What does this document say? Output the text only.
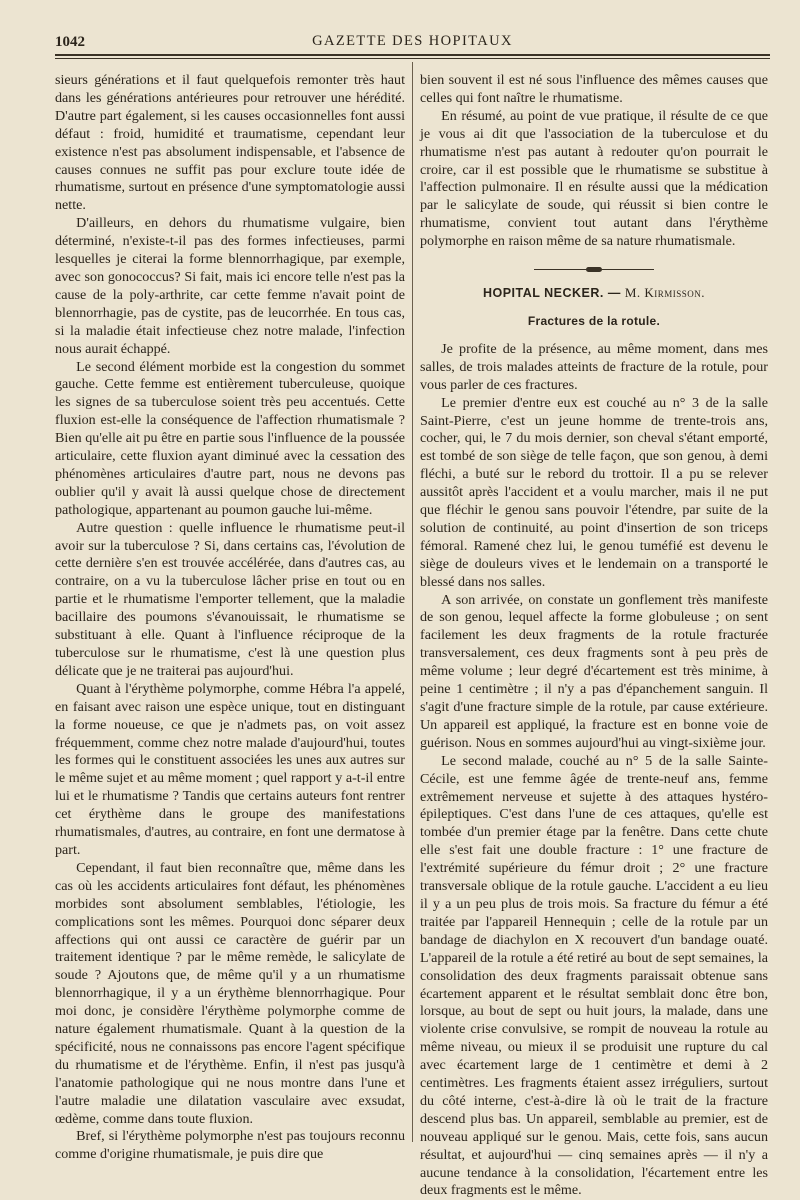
1042	GAZETTE DES HOPITAUX

sieurs générations et il faut quelquefois remonter très haut dans les générations antérieures pour retrouver une hérédité. D'autre part également, si les causes occasionnelles font aussi défaut : froid, humidité et traumatisme, cependant leur existence n'est pas absolument indispensable, et l'absence de causes connues ne suffit pas pour exclure toute idée de rhumatisme, surtout en présence d'une symptomatologie aussi nette.

D'ailleurs, en dehors du rhumatisme vulgaire, bien déterminé, n'existe-t-il pas des formes infectieuses, parmi lesquelles je citerai la forme blennorrhagique, par exemple, avec son gonococcus? Si fait, mais ici encore telle n'est pas la cause de la poly-arthrite, car cette femme n'avait point de blennorrhagie, pas de cystite, pas de leucorrhée. En tous cas, si la maladie était infectieuse chez notre malade, l'infection nous aurait échappé.

Le second élément morbide est la congestion du sommet gauche. Cette femme est entièrement tuberculeuse, quoique les signes de sa tuberculose soient très peu accentués. Cette fluxion est-elle la conséquence de l'affection rhumatismale ? Bien qu'elle ait pu être en partie sous l'influence de la poussée articulaire, cette fluxion ayant diminué avec la cessation des phénomènes articulaires d'autre part, nous ne devons pas oublier qu'il y avait là aussi quelque chose de directement pathologique, appartenant au poumon gauche lui-même.

Autre question : quelle influence le rhumatisme peut-il avoir sur la tuberculose ? Si, dans certains cas, l'évolution de cette dernière s'en est trouvée accélérée, dans d'autres cas, au contraire, on a vu la tuberculose lâcher prise en tout ou en partie et le rhumatisme l'emporter tellement, que la maladie bacillaire des poumons s'évanouissait, le rhumatisme se substituant à elle. Quant à l'influence réciproque de la tuberculose sur le rhumatisme, c'est là une question plus délicate que je ne traiterai pas aujourd'hui.

Quant à l'érythème polymorphe, comme Hébra l'a appelé, en faisant avec raison une espèce unique, tout en distinguant la forme noueuse, ce que je n'admets pas, on voit assez fréquemment, comme chez notre malade d'aujourd'hui, toutes les formes qui le constituent associées les unes aux autres sur le même sujet et au même moment ; quel rapport y a-t-il entre lui et le rhumatisme ? Tandis que certains auteurs font rentrer cet érythème dans le groupe des manifestations rhumatismales, d'autres, au contraire, en font une dermatose à part.

Cependant, il faut bien reconnaître que, même dans les cas où les accidents articulaires font défaut, les phénomènes morbides sont absolument semblables, l'étiologie, les complications sont les mêmes. Pourquoi donc séparer deux affections qui ont aussi ce caractère de guérir par un traitement identique ? par le même remède, le salicylate de soude ? Ajoutons que, de même qu'il y a un rhumatisme blennorrhagique, il y a un érythème blennorrhagique. Pour moi donc, je considère l'érythème polymorphe comme de nature également rhumatismale. Quant à la question de la spécificité, nous ne connaissons pas encore l'agent spécifique du rhumatisme et de l'érythème. Enfin, il n'est pas jusqu'à l'anatomie pathologique qui ne nous montre dans l'une et l'autre maladie une dilatation vasculaire avec exsudat, œdème, comme dans toute fluxion.

Bref, si l'érythème polymorphe n'est pas toujours reconnu comme d'origine rhumatismale, je puis dire que

bien souvent il est né sous l'influence des mêmes causes que celles qui font naître le rhumatisme.

En résumé, au point de vue pratique, il résulte de ce que je vous ai dit que l'association de la tuberculose et du rhumatisme n'est pas autant à redouter qu'on pourrait le croire, car il est possible que le rhumatisme se substitue à l'affection pulmonaire. Il en résulte aussi que la médication par le salicylate de soude, qui réussit si bien contre le rhumatisme, convient tout autant dans l'érythème polymorphe en raison même de sa nature rhumatismale.

HOPITAL NECKER. — M. Kirmisson.
Fractures de la rotule.

Je profite de la présence, au même moment, dans mes salles, de trois malades atteints de fracture de la rotule, pour vous parler de ces fractures.

Le premier d'entre eux est couché au n° 3 de la salle Saint-Pierre, c'est un jeune homme de trente-trois ans, cocher, qui, le 7 du mois dernier, son cheval s'étant emporté, est tombé de son siège de telle façon, que son genou, à demi fléchi, a buté sur le rebord du trottoir. Il a pu se relever aussitôt après l'accident et a voulu marcher, mais il ne put que fléchir le genou sans pouvoir l'étendre, par suite de la solution de continuité, au point d'insertion de son triceps fémoral. Ramené chez lui, le genou tuméfié est devenu le siège de douleurs vives et le lendemain on a transporté le blessé dans nos salles.

A son arrivée, on constate un gonflement très manifeste de son genou, lequel affecte la forme globuleuse ; on sent facilement les deux fragments de la rotule fracturée transversalement, ces deux fragments sont à peu près de même volume ; leur degré d'écartement est très minime, à peine 1 centimètre ; il n'y a pas d'épanchement sanguin. Il s'agit d'une fracture simple de la rotule, par cause extérieure. Un appareil est appliqué, la fracture est en bonne voie de guérison. Nous en sommes aujourd'hui au vingt-sixième jour.

Le second malade, couché au n° 5 de la salle Sainte-Cécile, est une femme âgée de trente-neuf ans, femme extrêmement nerveuse et sujette à des attaques hystéro-épileptiques. C'est dans l'une de ces attaques, qu'elle est tombée d'un premier étage par la fenêtre. Dans cette chute elle s'est fait une double fracture : 1° une fracture de l'extrémité supérieure du fémur droit ; 2° une fracture transversale oblique de la rotule gauche. L'accident a eu lieu il y a un peu plus de trois mois. Sa fracture du fémur a été traitée par l'appareil Hennequin ; celle de la rotule par un bandage de diachylon en X recouvert d'un bandage ouaté. L'appareil de la rotule a été retiré au bout de sept semaines, la consolidation des deux fragments paraissait obtenue sans écartement apparent et le résultat semblait donc être bon, lorsque, au bout de sept ou huit jours, la malade, dans une violente crise convulsive, se rompit de nouveau la rotule au même niveau, ou mieux il se produisit une rupture du cal avec écartement large de 1 centimètre et demi à 2 centimètres. Les fragments étaient assez irréguliers, surtout du côté interne, c'est-à-dire là où le trait de la fracture descend plus bas. Un appareil, semblable au premier, est de nouveau appliqué sur le genou. Mais, cette fois, sans aucun résultat, et aujourd'hui — cinq semaines après — il n'y a aucune tendance à la consolidation, l'écartement entre les deux fragments est le même.
